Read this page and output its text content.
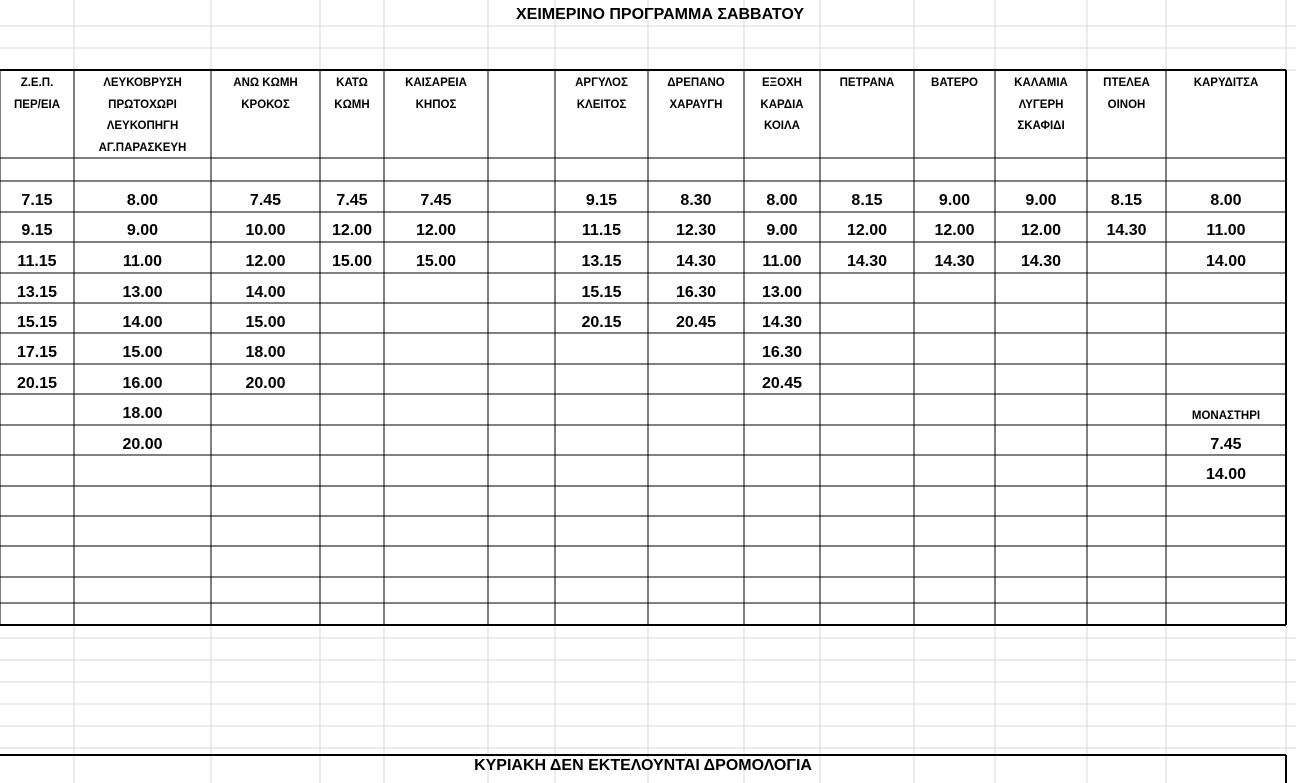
ΧΕΙΜΕΡΙΝΟ ΠΡΟΓΡΑΜΜΑ ΣΑΒΒΑΤΟΥ
Ζ.Ε.Π.
ΠΕΡ/ΕΙΑ
7.15
9.15
11.15
13.15
15.15
17.15
20.15
ΛΕΥΚΟΒΡΥΣΗ
ΠΡΩΤΟΧΩΡΙ
ΛΕΥΚΟΠΗΓΗ
ΑΓ.ΠΑΡΑΣΚΕΥΗ
8.00
9.00
11.00
13.00
14.00
15.00
16.00
18.00
20.00
ΑΝΩ ΚΩΜΗ
ΚΡΟΚΟΣ
7.45
10.00
12.00
14.00
15.00
18.00
20.00
ΚΑΤΩ
ΚΩΜΗ
7.45
12.00
15.00
ΚΑΙΣΑΡΕΙΑ
ΚΗΠΟΣ
7.45
12.00
15.00
ΑΡΓΥΛΟΣ
ΚΛΕΙΤΟΣ
9.15
11.15
13.15
15.15
20.15
ΔΡΕΠΑΝΟ
ΧΑΡΑΥΓΗ
8.30
12.30
14.30
16.30
20.45
ΕΞΟΧΗ
ΚΑΡΔΙΑ
ΚΟΙΛΑ
8.00
9.00
11.00
13.00
14.30
16.30
20.45
ΠΕΤΡΑΝΑ
8.15
12.00
14.30
ΒΑΤΕΡΟ
9.00
12.00
14.30
ΚΑΛΑΜΙΑ
ΛΥΓΕΡΗ
ΣΚΑΦΙΔΙ
9.00
12.00
14.30
ΠΤΕΛΕΑ
ΟΙΝΟΗ
8.15
14.30
ΚΑΡΥΔΙΤΣΑ
8.00
11.00
14.00
ΜΟΝΑΣΤΗΡΙ
7.45
14.00
ΚΥΡΙΑΚΗ ΔΕΝ ΕΚΤΕΛΟΥΝΤΑΙ ΔΡΟΜΟΛΟΓΙΑ
